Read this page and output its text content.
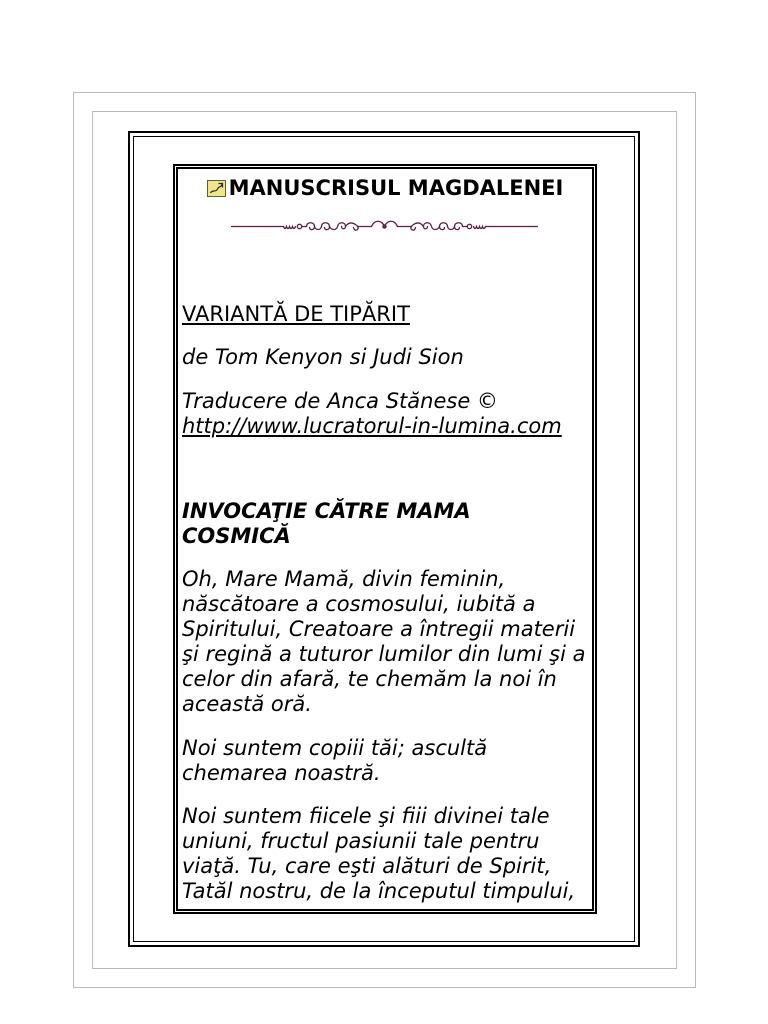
MANUSCRISUL MAGDALENEI
VARIANTĂ DE TIPĂRIT
de Tom Kenyon si Judi Sion
Traducere de Anca Stănese ©
http://www.lucratorul-in-lumina.com
INVOCAŢIE CĂTRE MAMA
COSMICĂ
Oh, Mare Mamă, divin feminin,
născătoare a cosmosului, iubită a
Spiritului, Creatoare a întregii materii
şi regină a tuturor lumilor din lumi şi a
celor din afară, te chemăm la noi în
această oră.
Noi suntem copiii tăi; ascultă
chemarea noastră.
Noi suntem fiicele şi fiii divinei tale
uniuni, fructul pasiunii tale pentru
viaţă. Tu, care eşti alături de Spirit,
Tatăl nostru, de la începutul timpului,
